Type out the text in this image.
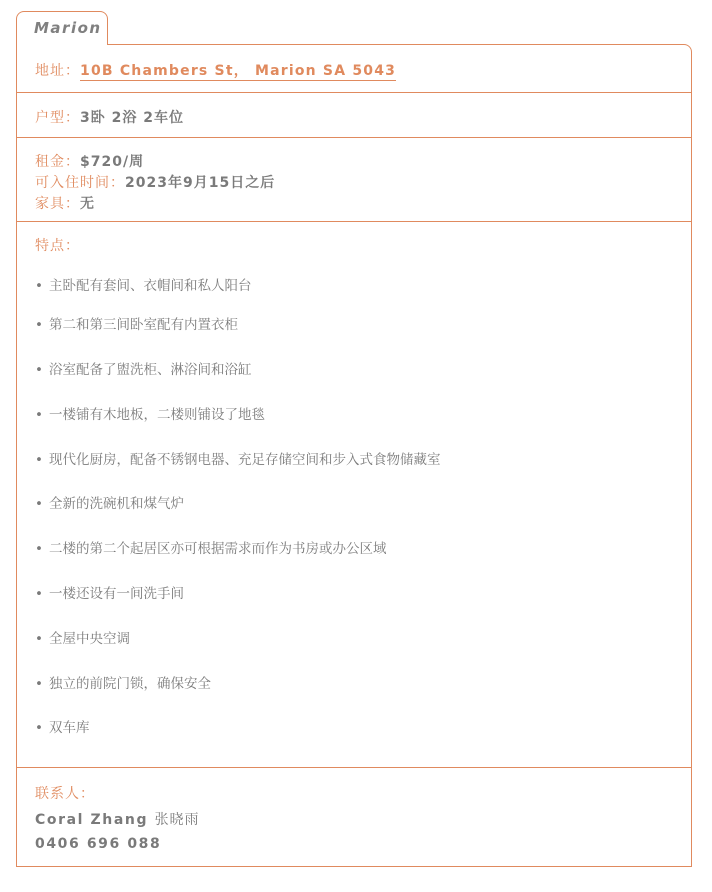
Marion
地址：10B Chambers St， Marion SA 5043
户型：3卧 2浴 2车位
租金：$720/周
可入住时间：2023年9月15日之后
家具：无
特点：
• 主卧配有套间、衣帽间和私人阳台
• 第二和第三间卧室配有内置衣柜
• 浴室配备了盥洗柜、淋浴间和浴缸
• 一楼铺有木地板，二楼则铺设了地毯
• 现代化厨房，配备不锈钢电器、充足存储空间和步入式食物储藏室
• 全新的洗碗机和煤气炉
• 二楼的第二个起居区亦可根据需求而作为书房或办公区域
• 一楼还设有一间洗手间
• 全屋中央空调
• 独立的前院门锁，确保安全
• 双车库
联系人：
Coral Zhang 张晓雨
0406 696 088
